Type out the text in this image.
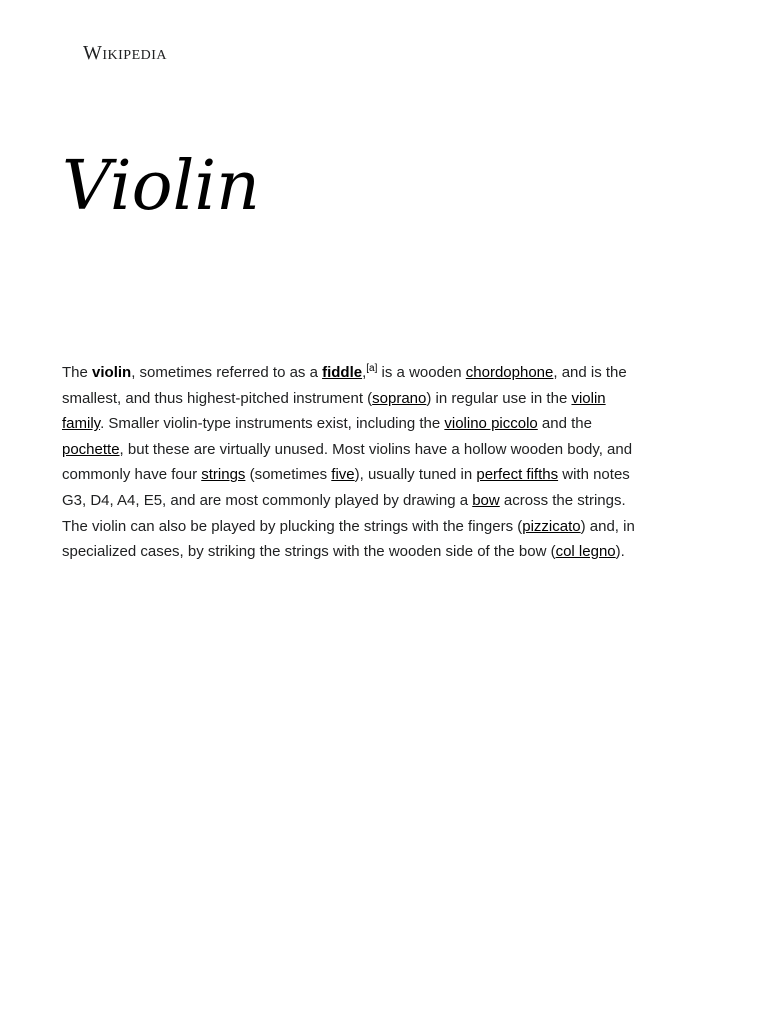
Wikipedia
Violin

The violin, sometimes referred to as a fiddle,[a] is a wooden chordophone, and is the smallest, and thus highest-pitched instrument (soprano) in regular use in the violin family. Smaller violin-type instruments exist, including the violino piccolo and the pochette, but these are virtually unused. Most violins have a hollow wooden body, and commonly have four strings (sometimes five), usually tuned in perfect fifths with notes G3, D4, A4, E5, and are most commonly played by drawing a bow across the strings. The violin can also be played by plucking the strings with the fingers (pizzicato) and, in specialized cases, by striking the strings with the wooden side of the bow (col legno).
